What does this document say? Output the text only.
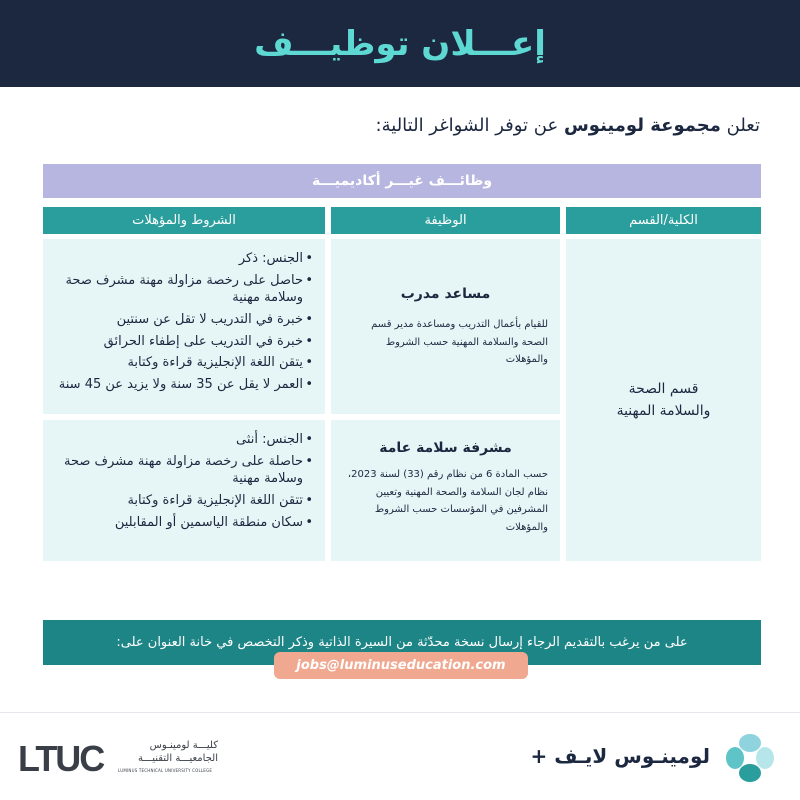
إعـــلان توظيـــف
تعلن مجموعة لومينوس عن توفر الشواغر التالية:
وظائـــف غيـــر أكاديميـــة
الكلية/القسم
الوظيفة
الشروط والمؤهلات
قسم الصحة
والسلامة المهنية
مساعد مدرب
للقيام بأعمال التدريب ومساعدة مدير قسم الصحة والسلامة المهنية حسب الشروط والمؤهلات
مشرفة سلامة عامة
حسب المادة 6 من نظام رقم (33) لسنة 2023، نظام لجان السلامة والصحة المهنية وتعيين المشرفين في المؤسسات حسب الشروط والمؤهلات
• الجنس: ذكر
• حاصل على رخصة مزاولة مهنة مشرف صحة وسلامة مهنية
• خبرة في التدريب لا تقل عن سنتين
• خبرة في التدريب على إطفاء الحرائق
• يتقن اللغة الإنجليزية قراءة وكتابة
• العمر لا يقل عن 35 سنة ولا يزيد عن 45 سنة
• الجنس: أنثى
• حاصلة على رخصة مزاولة مهنة مشرف صحة وسلامة مهنية
• تتقن اللغة الإنجليزية قراءة وكتابة
• سكان منطقة الياسمين أو المقابلين
على من يرغب بالتقديم الرجاء إرسال نسخة محدّثة من السيرة الذاتية وذكر التخصص في خانة العنوان على:
jobs@luminuseducation.com
LTUC	كليـــة لومينـوس
الجامعيـــة التقنيـــة
LUMINUS TECHNICAL UNIVERSITY COLLEGE
لومينـوس لايـف +
